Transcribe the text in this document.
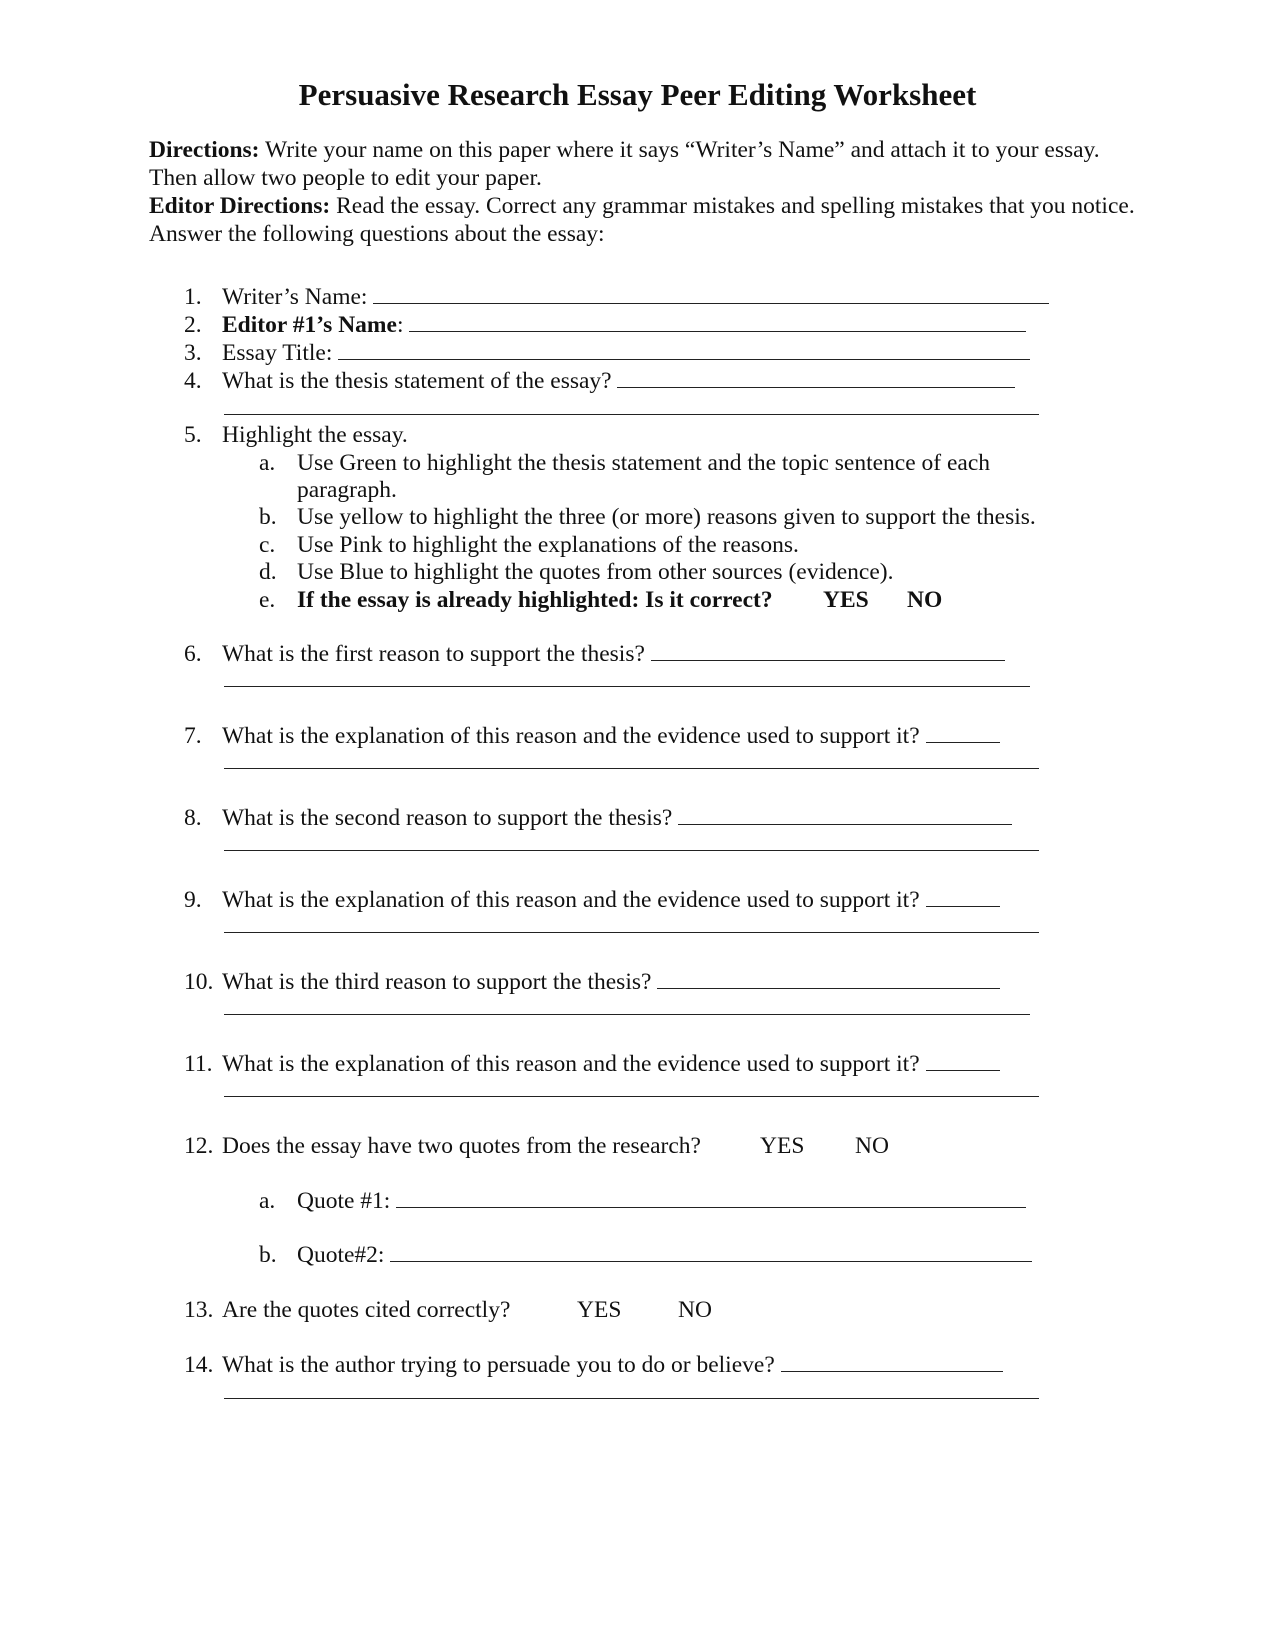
Persuasive Research Essay Peer Editing Worksheet
Directions: Write your name on this paper where it says “Writer’s Name” and attach it to your essay. Then allow two people to edit your paper.
Editor Directions: Read the essay. Correct any grammar mistakes and spelling mistakes that you notice. Answer the following questions about the essay:
1. Writer’s Name:
2. Editor #1’s Name:
3. Essay Title:
4. What is the thesis statement of the essay?
5. Highlight the essay.
a. Use Green to highlight the thesis statement and the topic sentence of each
paragraph.
b. Use yellow to highlight the three (or more) reasons given to support the thesis.
c. Use Pink to highlight the explanations of the reasons.
d. Use Blue to highlight the quotes from other sources (evidence).
e. If the essay is already highlighted: Is it correct? YES NO
6. What is the first reason to support the thesis?
7. What is the explanation of this reason and the evidence used to support it?
8. What is the second reason to support the thesis?
9. What is the explanation of this reason and the evidence used to support it?
10. What is the third reason to support the thesis?
11. What is the explanation of this reason and the evidence used to support it?
12. Does the essay have two quotes from the research?	YES NO
a. Quote #1:
b. Quote#2:
13. Are the quotes cited correctly?	YES NO
14. What is the author trying to persuade you to do or believe?
